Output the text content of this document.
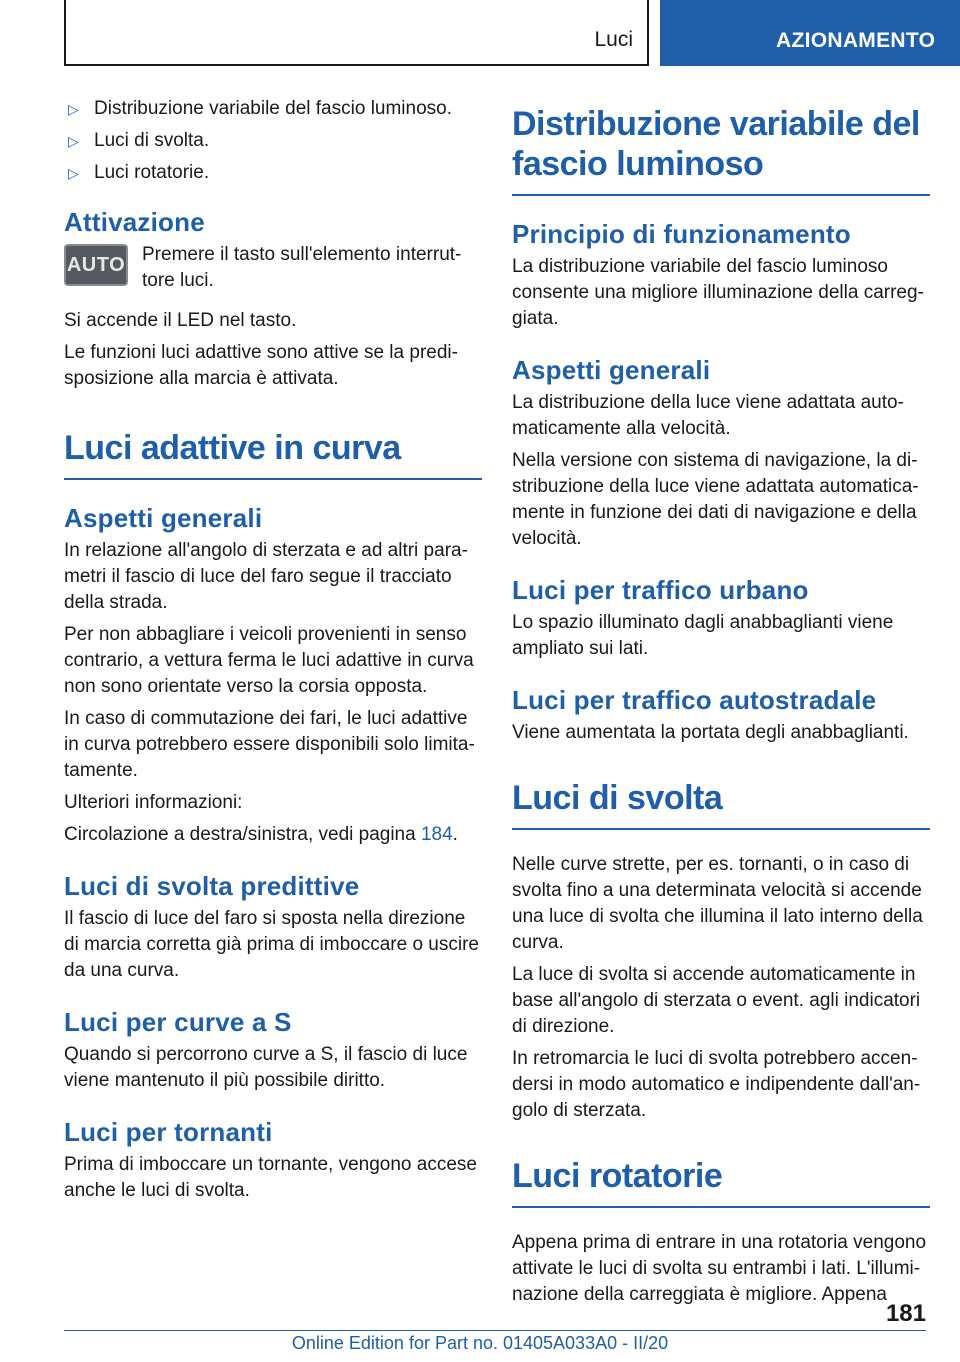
Luci	AZIONAMENTO
▷ Distribuzione variabile del fascio luminoso.
▷ Luci di svolta.
▷ Luci rotatorie.
Attivazione
AUTO Premere il tasto sull'elemento interrut-tore luci.

Si accende il LED nel tasto.

Le funzioni luci adattive sono attive se la predi-sposizione alla marcia è attivata.

Luci adattive in curva
Aspetti generali

In relazione all'angolo di sterzata e ad altri para-metri il fascio di luce del faro segue il tracciato della strada.

Per non abbagliare i veicoli provenienti in senso contrario, a vettura ferma le luci adattive in curva non sono orientate verso la corsia opposta.

In caso di commutazione dei fari, le luci adattive in curva potrebbero essere disponibili solo limita-tamente.

Ulteriori informazioni:

Circolazione a destra/sinistra, vedi pagina 184.

Luci di svolta predittive

Il fascio di luce del faro si sposta nella direzione di marcia corretta già prima di imboccare o uscire da una curva.

Luci per curve a S

Quando si percorrono curve a S, il fascio di luce viene mantenuto il più possibile diritto.

Luci per tornanti

Prima di imboccare un tornante, vengono accese anche le luci di svolta.

Distribuzione variabile del fascio luminoso
Principio di funzionamento

La distribuzione variabile del fascio luminoso consente una migliore illuminazione della carreg-giata.

Aspetti generali

La distribuzione della luce viene adattata auto-maticamente alla velocità.

Nella versione con sistema di navigazione, la di-stribuzione della luce viene adattata automatica-mente in funzione dei dati di navigazione e della velocità.

Luci per traffico urbano

Lo spazio illuminato dagli anabbaglianti viene ampliato sui lati.

Luci per traffico autostradale

Viene aumentata la portata degli anabbaglianti.

Luci di svolta

Nelle curve strette, per es. tornanti, o in caso di svolta fino a una determinata velocità si accende una luce di svolta che illumina il lato interno della curva.

La luce di svolta si accende automaticamente in base all'angolo di sterzata o event. agli indicatori di direzione.

In retromarcia le luci di svolta potrebbero accen-dersi in modo automatico e indipendente dall'an-golo di sterzata.

Luci rotatorie

Appena prima di entrare in una rotatoria vengono attivate le luci di svolta su entrambi i lati. L'illumi-nazione della carreggiata è migliore. Appena

181
Online Edition for Part no. 01405A033A0 - II/20
